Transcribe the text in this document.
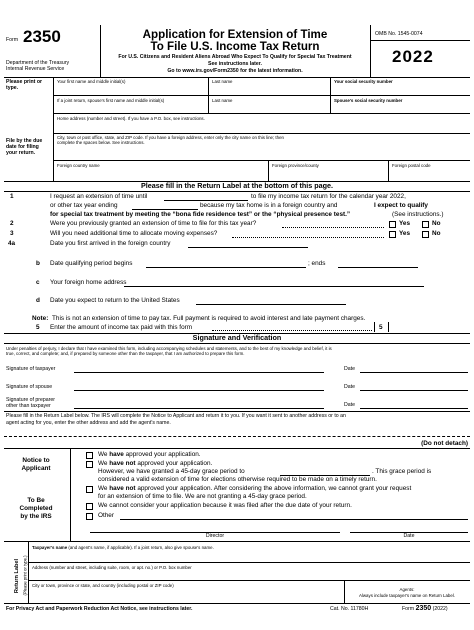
Form 2350
Department of the Treasury
Internal Revenue Service
Application for Extension of Time
To File U.S. Income Tax Return
For U.S. Citizens and Resident Aliens Abroad Who Expect To Qualify for Special Tax Treatment
See instructions later.
Go to www.irs.gov/Form2350 for the latest information.
OMB No. 1545-0074
2022
Please print or type.
File by the due date for filing your return.
Your first name and middle initial(s)	Last name	Your social security number
If a joint return, spouse's first name and middle initial(s)	Last name	Spouse's social security number
Home address (number and street). If you have a P.O. box, see instructions.
City, town or post office, state, and ZIP code. If you have a foreign address, enter only the city name on this line; then
complete the spaces below. See instructions.
Foreign country name	Foreign province/county	Foreign postal code
Please fill in the Return Label at the bottom of this page.
1	I request an extension of time until	to file my income tax return for the calendar year 2022,
or other tax year ending	because my tax home is in a foreign country and	I expect to qualify
for special tax treatment by meeting the “bona fide residence test” or the “physical presence test.”	(See instructions.)
2	Were you previously granted an extension of time to file for this tax year?	Yes	No
3	Will you need additional time to allocate moving expenses?	Yes	No
4a	Date you first arrived in the foreign country
b Date qualifying period begins	; ends
c Your foreign home address
d Date you expect to return to the United States
Note: This is not an extension of time to pay tax. Full payment is required to avoid interest and late payment charges.
5 Enter the amount of income tax paid with this form	5
Signature and Verification
Under penalties of perjury, I declare that I have examined this form, including accompanying schedules and statements, and to the best of my knowledge and belief, it is
true, correct, and complete; and, if prepared by someone other than the taxpayer, that I am authorized to prepare this form.
Signature of taxpayer	Date
Signature of spouse	Date
Signature of preparer
other than taxpayer	Date
Please fill in the Return Label below. The IRS will complete the Notice to Applicant and return it to you. If you want it sent to another address or to an
agent acting for you, enter the other address and add the agent's name.
(Do not detach)
Notice to
Applicant
To Be
Completed
by the IRS
We have approved your application.
We have not approved your application.
However, we have granted a 45-day grace period to	. This grace period is
considered a valid extension of time for elections otherwise required to be made on a timely return.
We have not approved your application. After considering the above information, we cannot grant your request
for an extension of time to file. We are not granting a 45-day grace period.
We cannot consider your application because it was filed after the due date of your return.
Other
Director	Date
Return Label (Please print or type.)
Taxpayer's name (and agent's name, if applicable). If a joint return, also give spouse's name.
Address (number and street, including suite, room, or apt. no.) or P.O. box number
City or town, province or state, and country (including postal or ZIP code)
Agents:
Always include taxpayer's name on Return Label.
For Privacy Act and Paperwork Reduction Act Notice, see instructions later.	Cat. No. 11780H	Form 2350 (2022)
